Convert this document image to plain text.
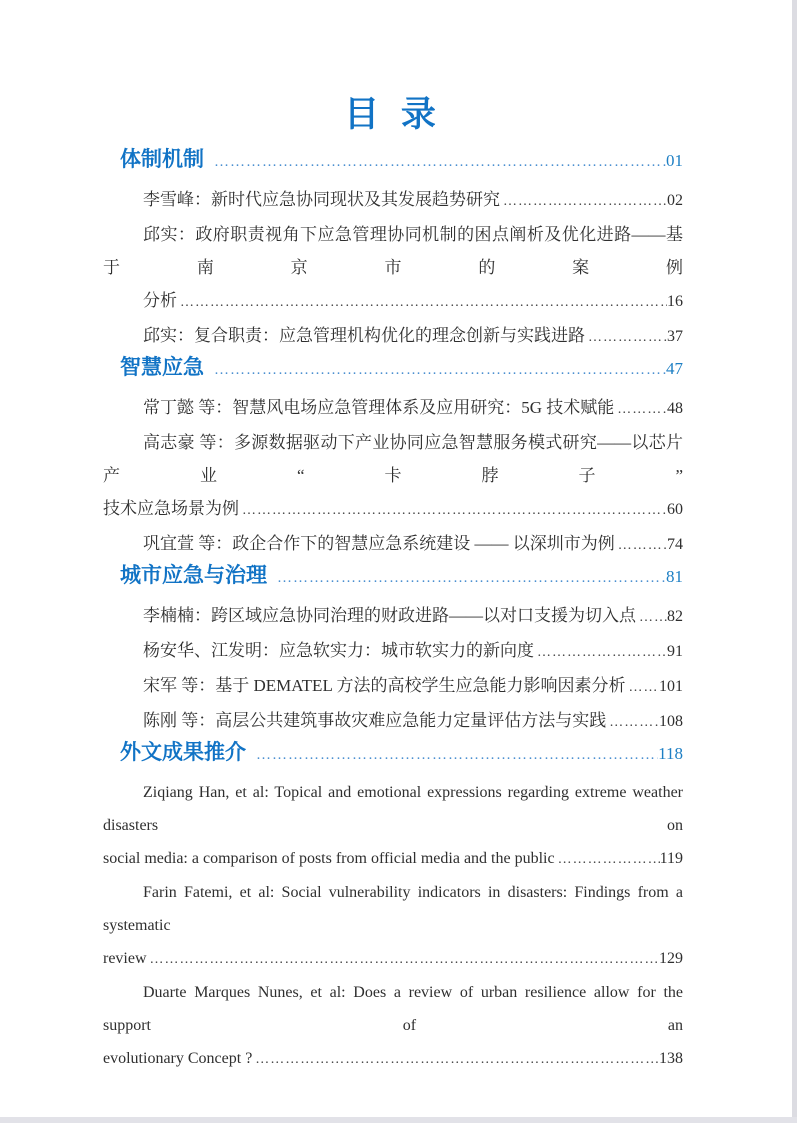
目 录
体制机制 ……………………………………………………………………………………………………………………………………	01
李雪峰：新时代应急协同现状及其发展趋势研究 ……………………………………………………………………………………………………………………………………	02
邱实：政府职责视角下应急管理协同机制的困点阐析及优化进路——基于南京市的案例
分析 ……………………………………………………………………………………………………………………………………	16
邱实：复合职责：应急管理机构优化的理念创新与实践进路 ……………………………………………………………………………………………………………………………………	37
智慧应急 ……………………………………………………………………………………………………………………………………	47
常丁懿 等：智慧风电场应急管理体系及应用研究：5G 技术赋能 ……………………………………………………………………………………………………………………………………	48
高志豪 等：多源数据驱动下产业协同应急智慧服务模式研究——以芯片产业“卡脖子”
技术应急场景为例 ……………………………………………………………………………………………………………………………………	60
巩宜萱 等：政企合作下的智慧应急系统建设 —— 以深圳市为例 ……………………………………………………………………………………………………………………………………	74
城市应急与治理 ……………………………………………………………………………………………………………………………………	81
李楠楠：跨区域应急协同治理的财政进路——以对口支援为切入点 …………………………………………………………………………………………………………………………………… 82
杨安华、江发明：应急软实力：城市软实力的新向度 ……………………………………………………………………………………………………………………………………	91
宋军 等：基于 DEMATEL 方法的高校学生应急能力影响因素分析 …………………………………………………………………………………………………………………………………… 101
陈刚 等：高层公共建筑事故灾难应急能力定量评估方法与实践 ……………………………………………………………………………………………………………………………………	108
外文成果推介 ……………………………………………………………………………………………………………………………………	118
Ziqiang Han, et al: Topical and emotional expressions regarding extreme weather disasters on
social media: a comparison of posts from official media and the public ……………………………………………………………………………………………………………………………………	119
Farin Fatemi, et al: Social vulnerability indicators in disasters: Findings from a systematic
review ……………………………………………………………………………………………………………………………………	129
Duarte Marques Nunes, et al: Does a review of urban resilience allow for the support of an
evolutionary Concept ? ……………………………………………………………………………………………………………………………………	138
